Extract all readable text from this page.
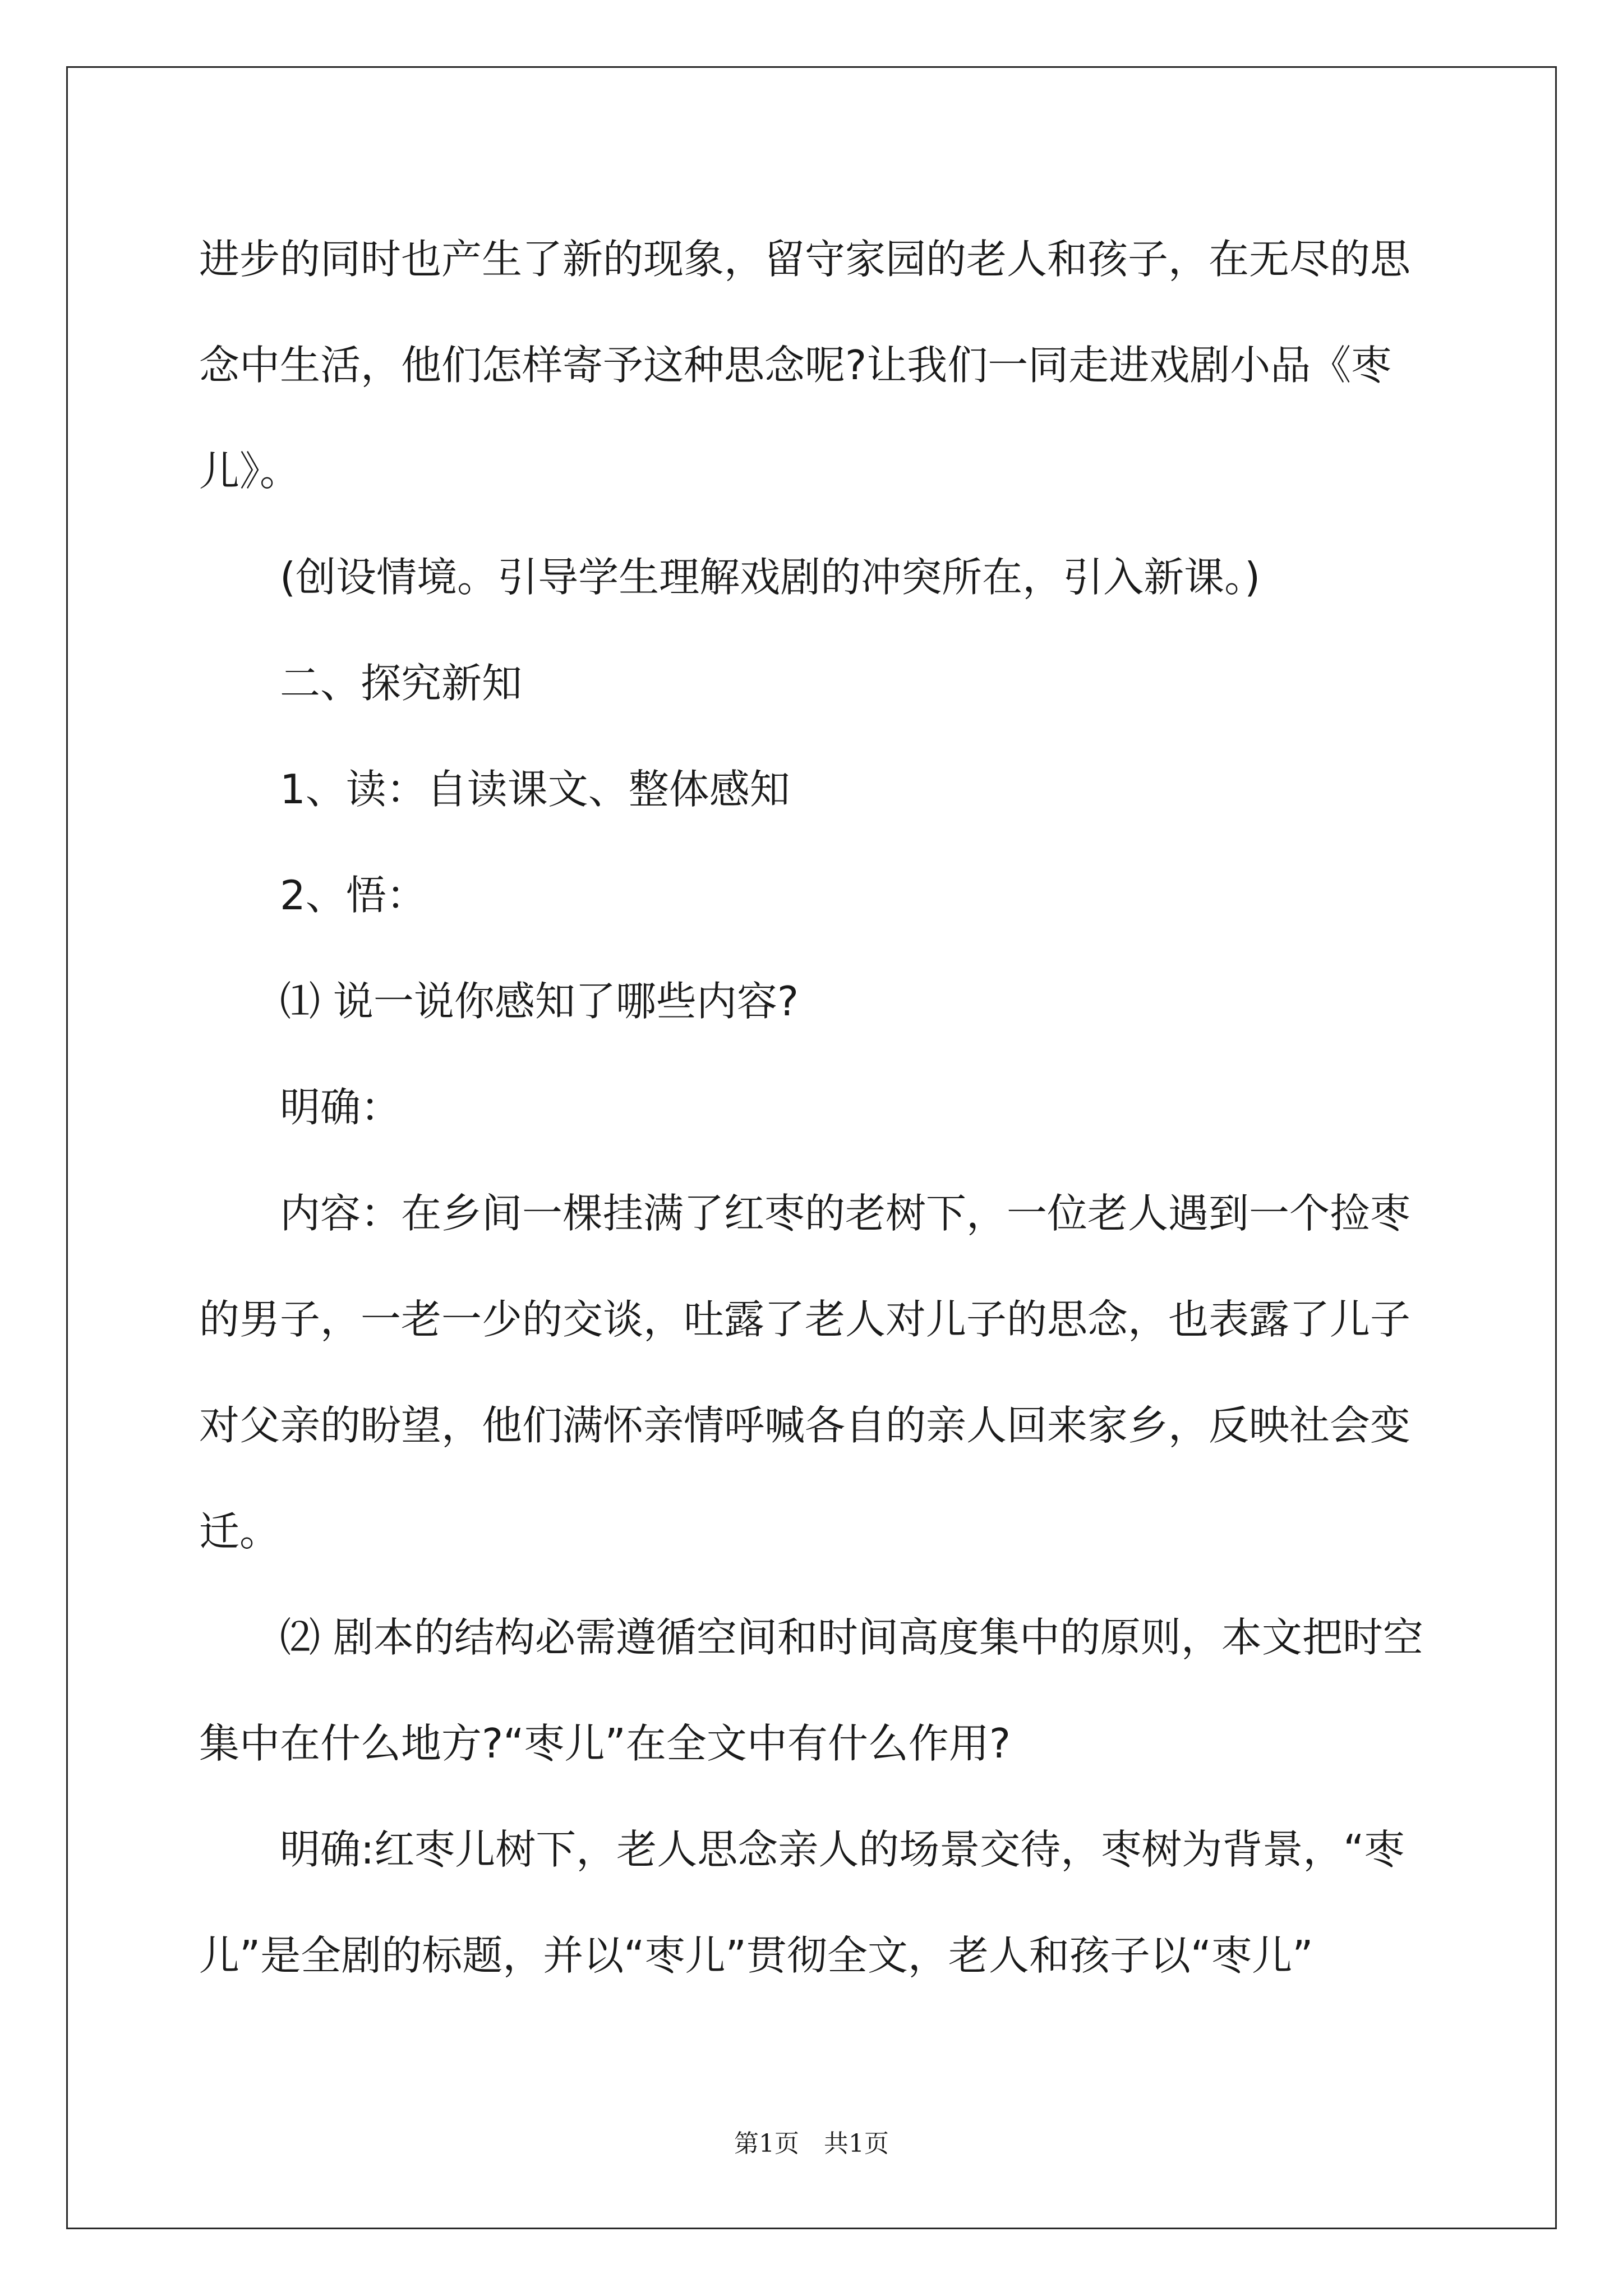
进步的同时也产生了新的现象，留守家园的老人和孩子，在无尽的思念中生活，他们怎样寄予这种思念呢?让我们一同走进戏剧小品《枣儿》。

(创设情境。引导学生理解戏剧的冲突所在，引入新课。)

二、探究新知

1、读：自读课文、整体感知

2、悟：

⑴ 说一说你感知了哪些内容?

明确：

内容：在乡间一棵挂满了红枣的老树下，一位老人遇到一个捡枣的男子，一老一少的交谈，吐露了老人对儿子的思念，也表露了儿子对父亲的盼望，他们满怀亲情呼喊各自的亲人回来家乡，反映社会变迁。

⑵ 剧本的结构必需遵循空间和时间高度集中的原则，本文把时空集中在什么地方?“枣儿”在全文中有什么作用?

明确:红枣儿树下，老人思念亲人的场景交待，枣树为背景，“枣儿”是全剧的标题，并以“枣儿”贯彻全文，老人和孩子以“枣儿”

第1页　共1页
